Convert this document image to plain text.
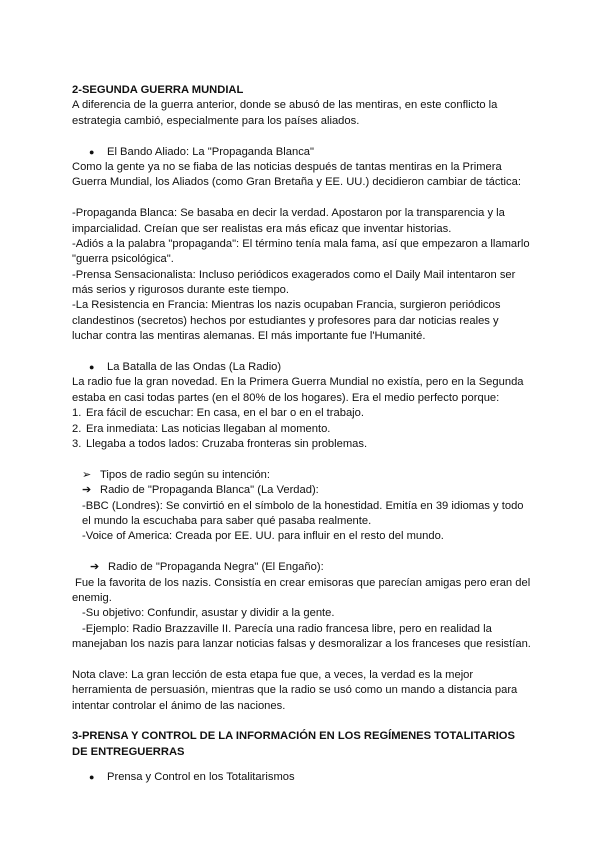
2-SEGUNDA GUERRA MUNDIAL
A diferencia de la guerra anterior, donde se abusó de las mentiras, en este conflicto la
estrategia cambió, especialmente para los países aliados.
● El Bando Aliado: La "Propaganda Blanca"
Como la gente ya no se fiaba de las noticias después de tantas mentiras en la Primera
Guerra Mundial, los Aliados (como Gran Bretaña y EE. UU.) decidieron cambiar de táctica:
-Propaganda Blanca: Se basaba en decir la verdad. Apostaron por la transparencia y la
imparcialidad. Creían que ser realistas era más eficaz que inventar historias.
-Adiós a la palabra "propaganda": El término tenía mala fama, así que empezaron a llamarlo
"guerra psicológica".
-Prensa Sensacionalista: Incluso periódicos exagerados como el Daily Mail intentaron ser
más serios y rigurosos durante este tiempo.
-La Resistencia en Francia: Mientras los nazis ocupaban Francia, surgieron periódicos
clandestinos (secretos) hechos por estudiantes y profesores para dar noticias reales y
luchar contra las mentiras alemanas. El más importante fue l'Humanité.
● La Batalla de las Ondas (La Radio)
La radio fue la gran novedad. En la Primera Guerra Mundial no existía, pero en la Segunda
estaba en casi todas partes (en el 80% de los hogares). Era el medio perfecto porque:
1. Era fácil de escuchar: En casa, en el bar o en el trabajo.
2. Era inmediata: Las noticias llegaban al momento.
3. Llegaba a todos lados: Cruzaba fronteras sin problemas.
➢ Tipos de radio según su intención:
➔ Radio de "Propaganda Blanca" (La Verdad):
-BBC (Londres): Se convirtió en el símbolo de la honestidad. Emitía en 39 idiomas y todo
el mundo la escuchaba para saber qué pasaba realmente.
-Voice of America: Creada por EE. UU. para influir en el resto del mundo.
➔ Radio de "Propaganda Negra" (El Engaño):
Fue la favorita de los nazis. Consistía en crear emisoras que parecían amigas pero eran del
enemig.
-Su objetivo: Confundir, asustar y dividir a la gente.
-Ejemplo: Radio Brazzaville II. Parecía una radio francesa libre, pero en realidad la
manejaban los nazis para lanzar noticias falsas y desmoralizar a los franceses que resistían.
Nota clave: La gran lección de esta etapa fue que, a veces, la verdad es la mejor
herramienta de persuasión, mientras que la radio se usó como un mando a distancia para
intentar controlar el ánimo de las naciones.
3-PRENSA Y CONTROL DE LA INFORMACIÓN EN LOS REGÍMENES TOTALITARIOS
DE ENTREGUERRAS
● Prensa y Control en los Totalitarismos
